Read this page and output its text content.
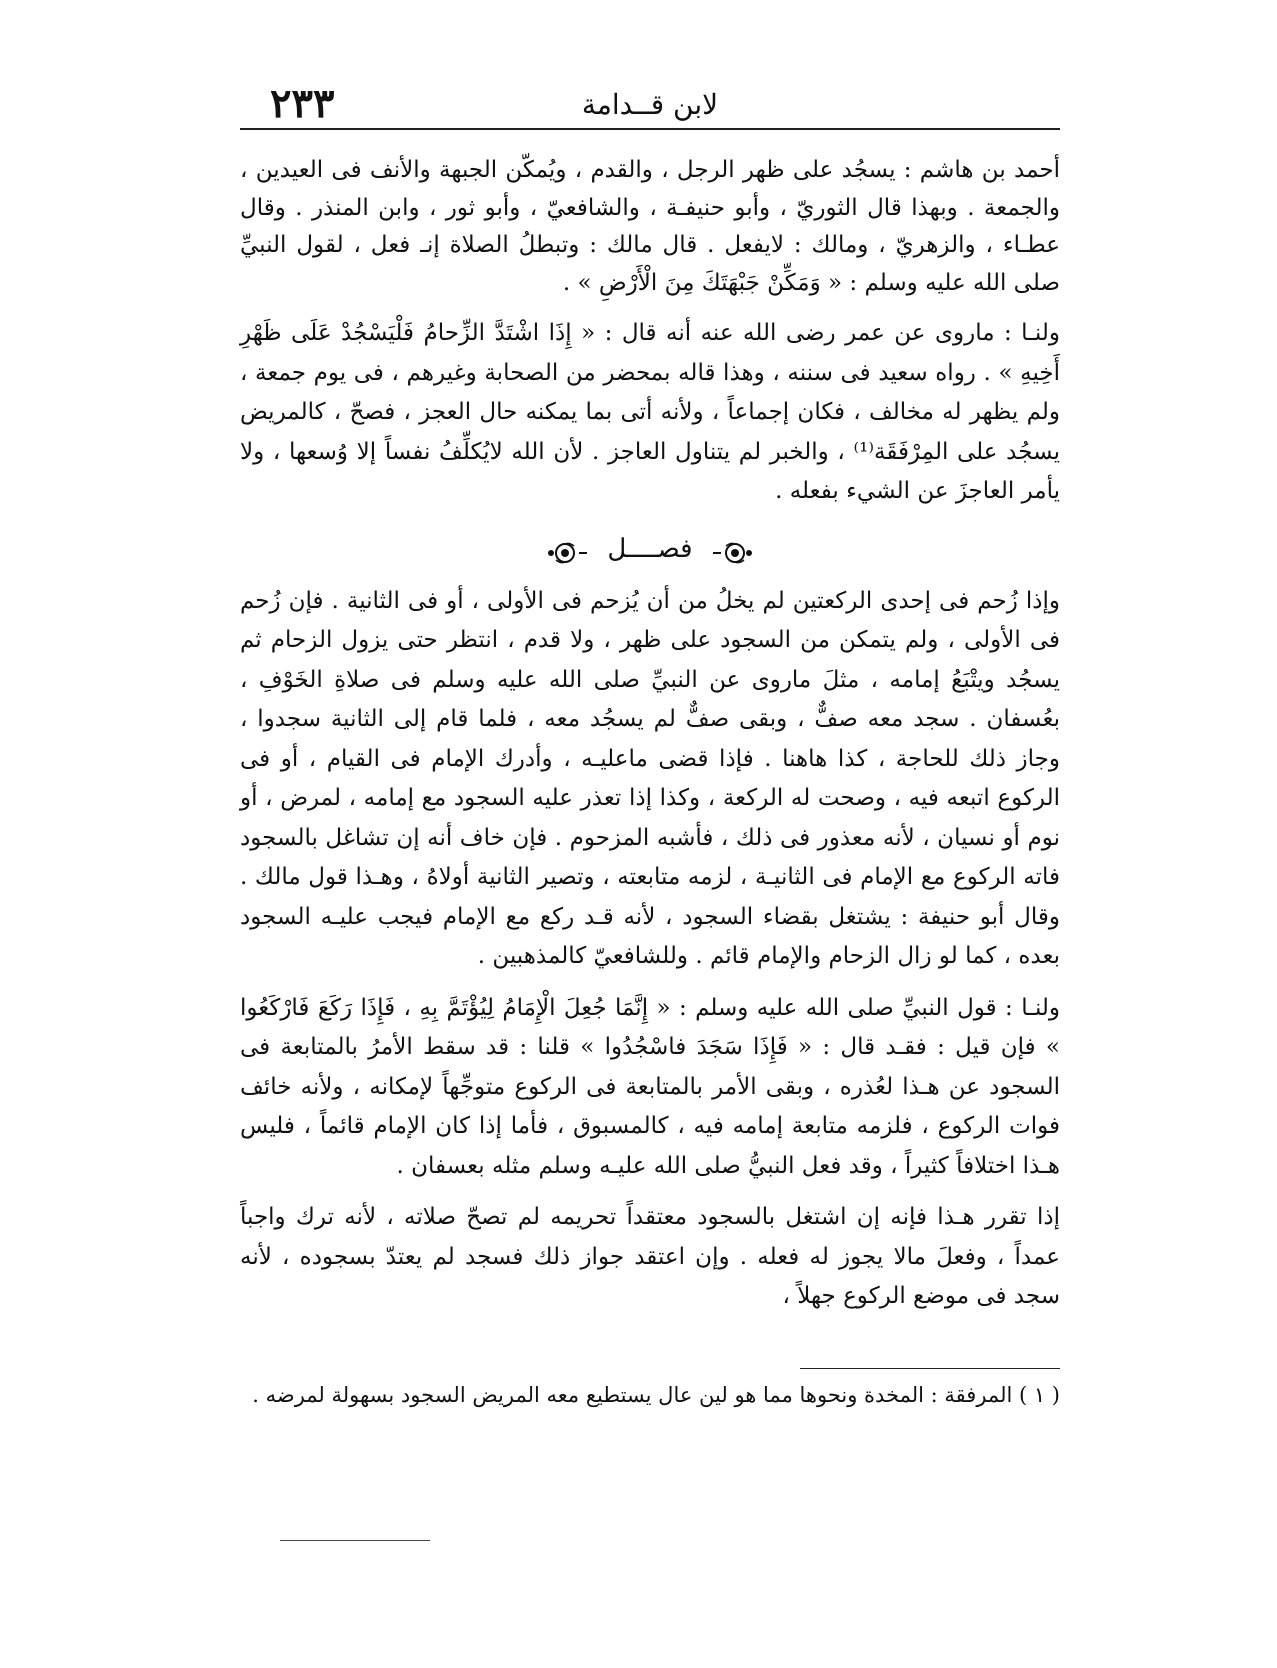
٢٣٣	لابن قــدامة

أحمد بن هاشم : يسجُد على ظهر الرجل ، والقدم ، ويُمكّن الجبهة والأنف فى العيدين ، والجمعة . وبهذا قال الثوريّ ، وأبو حنيفـة ، والشافعيّ ، وأبو ثور ، وابن المنذر . وقال عطـاء ، والزهريّ ، ومالك : لايفعل . قال مالك : وتبطلُ الصلاة إنـ فعل ، لقول النبيِّ صلى الله عليه وسلم : « وَمَكِّنْ جَبْهَتَكَ مِنَ الْأَرْضِ » .

ولنـا : ماروى عن عمر رضى الله عنه أنه قال : « إِذَا اشْتَدَّ الزِّحامُ فَلْيَسْجُدْ عَلَى ظَهْرِ أَخِيهِ » . رواه سعيد فى سننه ، وهذا قاله بمحضر من الصحابة وغيرهم ، فى يوم جمعة ، ولم يظهر له مخالف ، فكان إجماعاً ، ولأنه أتى بما يمكنه حال العجز ، فصحّ ، كالمريض يسجُد على المِرْفَقَة⁽¹⁾ ، والخبر لم يتناول العاجز . لأن الله لايُكلِّفُ نفساً إلا وُسعها ، ولا يأمر العاجزَ عن الشيء بفعله .

فصــــل

وإذا زُحم فى إحدى الركعتين لم يخلُ من أن يُزحم فى الأولى ، أو فى الثانية . فإن زُحم فى الأولى ، ولم يتمكن من السجود على ظهر ، ولا قدم ، انتظر حتى يزول الزحام ثم يسجُد ويتْبَعُ إمامه ، مثلَ ماروى عن النبيِّ صلى الله عليه وسلم فى صلاةِ الخَوْفِ ، بعُسفان . سجد معه صفٌّ ، وبقى صفٌّ لم يسجُد معه ، فلما قام إلى الثانية سجدوا ، وجاز ذلك للحاجة ، كذا هاهنا . فإذا قضى ماعليـه ، وأدرك الإمام فى القيام ، أو فى الركوع اتبعه فيه ، وصحت له الركعة ، وكذا إذا تعذر عليه السجود مع إمامه ، لمرض ، أو نوم أو نسيان ، لأنه معذور فى ذلك ، فأشبه المزحوم . فإن خاف أنه إن تشاغل بالسجود فاته الركوع مع الإمام فى الثانيـة ، لزمه متابعته ، وتصير الثانية أولاهُ ، وهـذا قول مالك . وقال أبو حنيفة : يشتغل بقضاء السجود ، لأنه قـد ركع مع الإمام فيجب عليـه السجود بعده ، كما لو زال الزحام والإمام قائم . وللشافعيّ كالمذهبين .

ولنـا : قول النبيِّ صلى الله عليه وسلم : « إِنَّمَا جُعِلَ الْإِمَامُ لِيُؤْتَمَّ بِهِ ، فَإِذَا رَكَعَ فَارْكَعُوا » فإن قيل : فقـد قال : « فَإِذَا سَجَدَ فاسْجُدُوا » قلنا : قد سقط الأمرُ بالمتابعة فى السجود عن هـذا لعُذره ، وبقى الأمر بالمتابعة فى الركوع متوجِّهاً لإمكانه ، ولأنه خائف فوات الركوع ، فلزمه متابعة إمامه فيه ، كالمسبوق ، فأما إذا كان الإمام قائماً ، فليس هـذا اختلافاً كثيراً ، وقد فعل النبيُّ صلى الله عليـه وسلم مثله بعسفان .

إذا تقرر هـذا فإنه إن اشتغل بالسجود معتقداً تحريمه لم تصحّ صلاته ، لأنه ترك واجباً عمداً ، وفعلَ مالا يجوز له فعله . وإن اعتقد جواز ذلك فسجد لم يعتدّ بسجوده ، لأنه سجد فى موضع الركوع جهلاً ،

( ١ ) المرفقة : المخدة ونحوها مما هو لين عال يستطيع معه المريض السجود بسهولة لمرضه .
